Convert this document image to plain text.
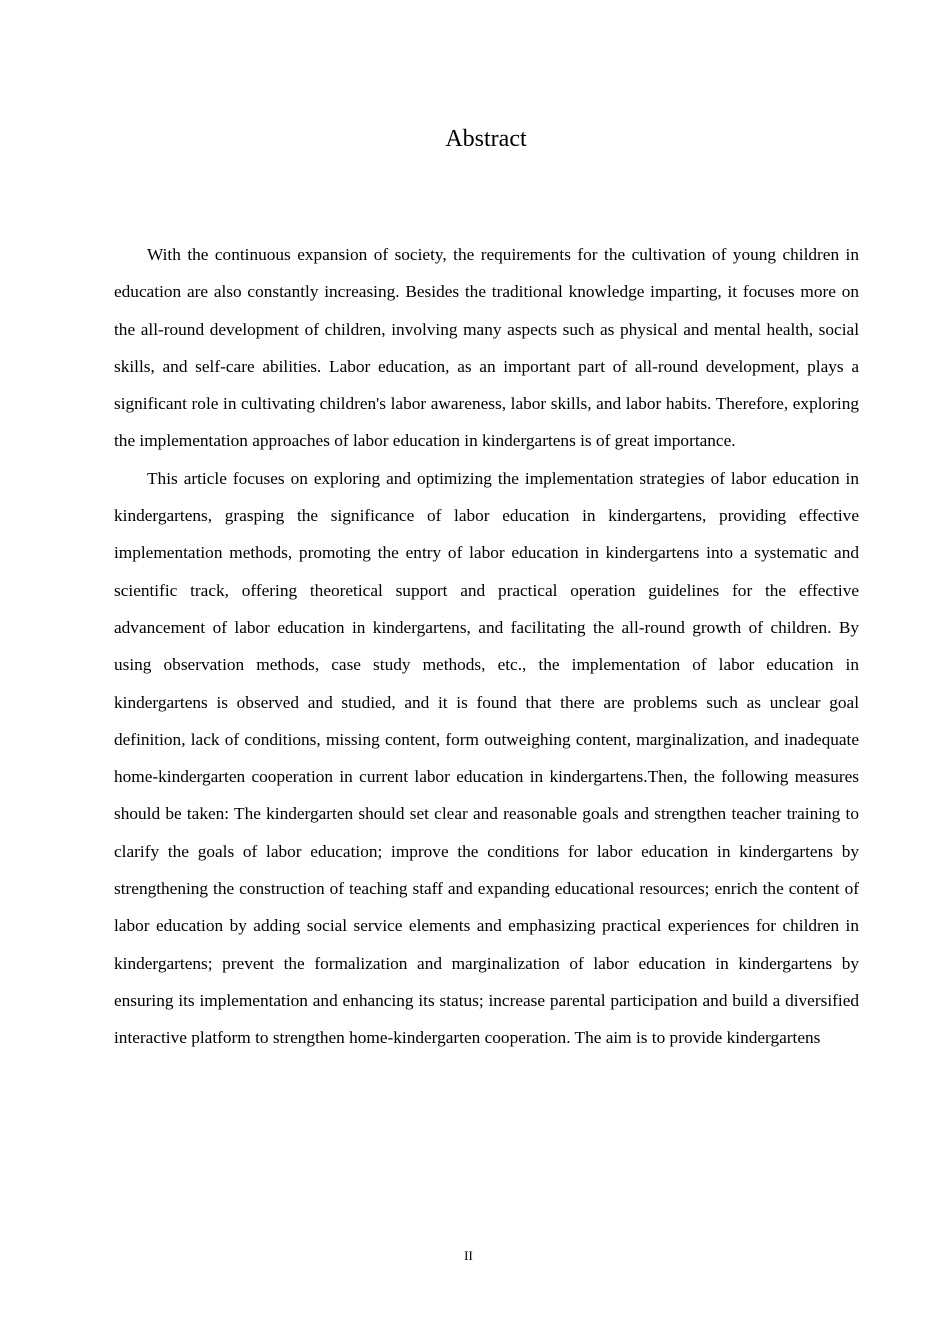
Abstract

With the continuous expansion of society, the requirements for the cultivation of young children in education are also constantly increasing. Besides the traditional knowledge imparting, it focuses more on the all-round development of children, involving many aspects such as physical and mental health, social skills, and self-care abilities. Labor education, as an important part of all-round development, plays a significant role in cultivating children's labor awareness, labor skills, and labor habits. Therefore, exploring the implementation approaches of labor education in kindergartens is of great importance.

This article focuses on exploring and optimizing the implementation strategies of labor education in kindergartens, grasping the significance of labor education in kindergartens, providing effective implementation methods, promoting the entry of labor education in kindergartens into a systematic and scientific track, offering theoretical support and practical operation guidelines for the effective advancement of labor education in kindergartens, and facilitating the all-round growth of children. By using observation methods, case study methods, etc., the implementation of labor education in kindergartens is observed and studied, and it is found that there are problems such as unclear goal definition, lack of conditions, missing content, form outweighing content, marginalization, and inadequate home-kindergarten cooperation in current labor education in kindergartens.Then, the following measures should be taken: The kindergarten should set clear and reasonable goals and strengthen teacher training to clarify the goals of labor education; improve the conditions for labor education in kindergartens by strengthening the construction of teaching staff and expanding educational resources; enrich the content of labor education by adding social service elements and emphasizing practical experiences for children in kindergartens; prevent the formalization and marginalization of labor education in kindergartens by ensuring its implementation and enhancing its status; increase parental participation and build a diversified interactive platform to strengthen home-kindergarten cooperation. The aim is to provide kindergartens

II
